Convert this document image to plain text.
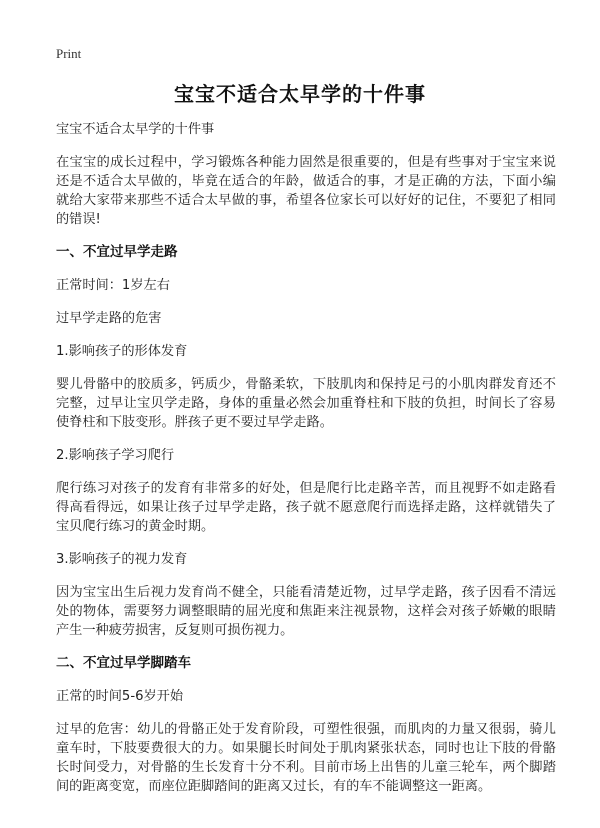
Print
宝宝不适合太早学的十件事

宝宝不适合太早学的十件事

在宝宝的成长过程中，学习锻炼各种能力固然是很重要的，但是有些事对于宝宝来说还是不适合太早做的，毕竟在适合的年龄，做适合的事，才是正确的方法，下面小编就给大家带来那些不适合太早做的事，希望各位家长可以好好的记住，不要犯了相同的错误!

一、不宜过早学走路

正常时间：1岁左右

过早学走路的危害

1.影响孩子的形体发育

婴儿骨骼中的胶质多，钙质少，骨骼柔软，下肢肌肉和保持足弓的小肌肉群发育还不完整，过早让宝贝学走路，身体的重量必然会加重脊柱和下肢的负担，时间长了容易使脊柱和下肢变形。胖孩子更不要过早学走路。

2.影响孩子学习爬行

爬行练习对孩子的发育有非常多的好处，但是爬行比走路辛苦，而且视野不如走路看得高看得远，如果让孩子过早学走路，孩子就不愿意爬行而选择走路，这样就错失了宝贝爬行练习的黄金时期。

3.影响孩子的视力发育

因为宝宝出生后视力发育尚不健全，只能看清楚近物，过早学走路，孩子因看不清远处的物体，需要努力调整眼睛的屈光度和焦距来注视景物，这样会对孩子娇嫩的眼睛产生一种疲劳损害，反复则可损伤视力。

二、不宜过早学脚踏车

正常的时间5-6岁开始

过早的危害：幼儿的骨骼正处于发育阶段，可塑性很强，而肌肉的力量又很弱，骑儿童车时，下肢要费很大的力。如果腿长时间处于肌肉紧张状态，同时也让下肢的骨骼长时间受力，对骨骼的生长发育十分不利。目前市场上出售的儿童三轮车，两个脚踏间的距离变宽，而座位距脚踏间的距离又过长，有的车不能调整这一距离。
